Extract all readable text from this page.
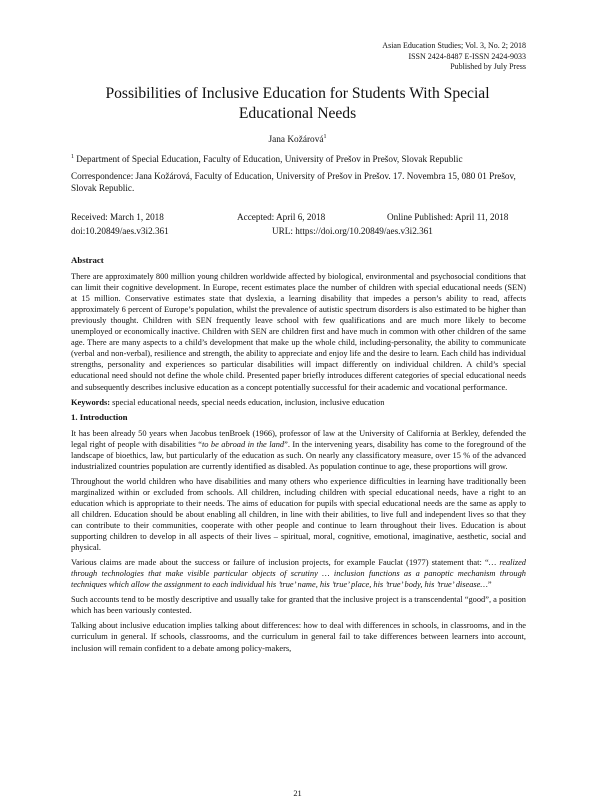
Asian Education Studies; Vol. 3, No. 2; 2018
ISSN 2424-8487 E-ISSN 2424-9033
Published by July Press
Possibilities of Inclusive Education for Students With Special
Educational Needs
Jana Kožárová$^1$
$^1$ Department of Special Education, Faculty of Education, University of Prešov in Prešov, Slovak Republic
Correspondence: Jana Kožárová, Faculty of Education, University of Prešov in Prešov. 17. Novembra 15, 080 01 Prešov, Slovak Republic.
Received: March 1, 2018	Accepted: April 6, 2018	Online Published: April 11, 2018
doi:10.20849/aes.v3i2.361	URL: https://doi.org/10.20849/aes.v3i2.361
Abstract

There are approximately 800 million young children worldwide affected by biological, environmental and psychosocial conditions that can limit their cognitive development. In Europe, recent estimates place the number of children with special educational needs (SEN) at 15 million. Conservative estimates state that dyslexia, a learning disability that impedes a person’s ability to read, affects approximately 6 percent of Europe’s population, whilst the prevalence of autistic spectrum disorders is also estimated to be higher than previously thought. Children with SEN frequently leave school with few qualifications and are much more likely to become unemployed or economically inactive. Children with SEN are children first and have much in common with other children of the same age. There are many aspects to a child’s development that make up the whole child, including-personality, the ability to communicate (verbal and non-verbal), resilience and strength, the ability to appreciate and enjoy life and the desire to learn. Each child has individual strengths, personality and experiences so particular disabilities will impact differently on individual children. A child’s special educational need should not define the whole child. Presented paper briefly introduces different categories of special educational needs and subsequently describes inclusive education as a concept potentially successful for their academic and vocational performance.

Keywords: special educational needs, special needs education, inclusion, inclusive education

1. Introduction

It has been already 50 years when Jacobus tenBroek (1966), professor of law at the University of California at Berkley, defended the legal right of people with disabilities “to be abroad in the land”. In the intervening years, disability has come to the foreground of the landscape of bioethics, law, but particularly of the education as such. On nearly any classificatory measure, over 15 % of the advanced industrialized countries population are currently identified as disabled. As population continue to age, these proportions will grow.

Throughout the world children who have disabilities and many others who experience difficulties in learning have traditionally been marginalized within or excluded from schools. All children, including children with special educational needs, have a right to an education which is appropriate to their needs. The aims of education for pupils with special educational needs are the same as apply to all children. Education should be about enabling all children, in line with their abilities, to live full and independent lives so that they can contribute to their communities, cooperate with other people and continue to learn throughout their lives. Education is about supporting children to develop in all aspects of their lives – spiritual, moral, cognitive, emotional, imaginative, aesthetic, social and physical.

Various claims are made about the success or failure of inclusion projects, for example Fauclat (1977) statement that: “… realized through technologies that make visible particular objects of scrutiny … inclusion functions as a panoptic mechanism through techniques which allow the assignment to each individual his ’true’ name, his ’true’ place, his ’true’ body, his ’true’ disease…”

Such accounts tend to be mostly descriptive and usually take for granted that the inclusive project is a transcendental “good”, a position which has been variously contested.

Talking about inclusive education implies talking about differences: how to deal with differences in schools, in classrooms, and in the curriculum in general. If schools, classrooms, and the curriculum in general fail to take differences between learners into account, inclusion will remain confident to a debate among policy-makers,

21
